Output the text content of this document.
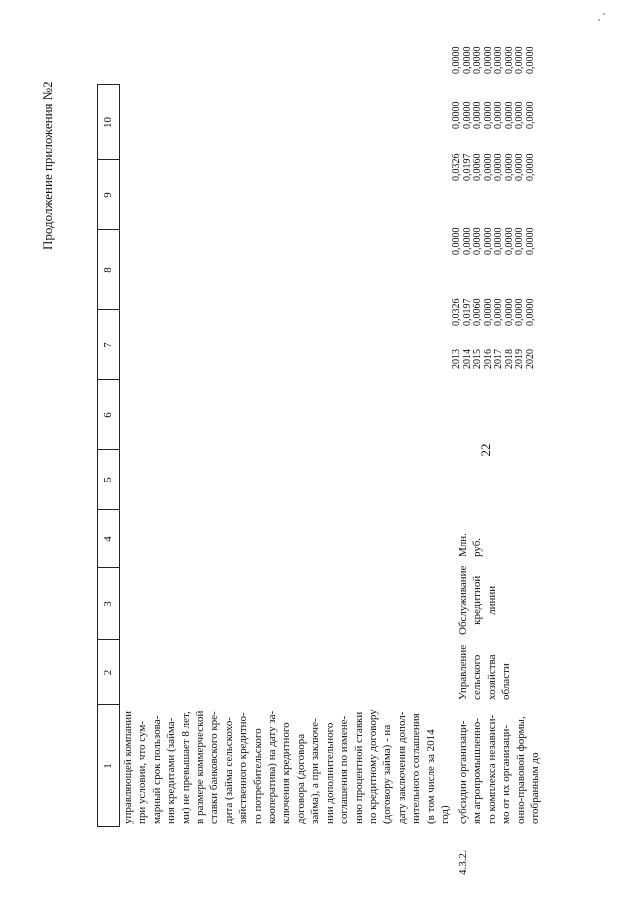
22
Продолжение приложения №2
1
2
3
4
5
6
7
8
9
10
управляющей компании при условии, что сум- марный срок пользова- ния кредитами (займа- ми) не превышает 8 лет, в размере коммерческой ставки банковского кре- дита (займа сельскохо- зяйственного кредитно- го потребительского кооператива) на дату за- ключения кредитного договора (договора займа), а при заключе- нии дополнительного соглашения по измене- нию процентной ставки по кредитному договору (договору займа) - на дату заключения допол- нительного соглашения (в том числе за 2014 год)
4.3.2.
субсидии организаци- ям агропромышленно- го комплекса независи- мо от их организаци- онно-правовой формы, отобранным до
Управление сельского хозяйства области
Обслуживание кредитной линии
Млн. руб.
2013 2014 2015 2016 2017 2018 2019 2020
0,0326 0,0197 0,0060 0,0000 0,0000 0,0000 0,0000 0,0000
0,0000 0,0000 0,0000 0,0000 0,0000 0,0000 0,0000 0,0000
0,0326 0,0197 0,0060 0,0000 0,0000 0,0000 0,0000 0,0000
0,0000 0,0000 0,0000 0,0000 0,0000 0,0000 0,0000 0,0000
0,0000 0,0000 0,0000 0,0000 0,0000 0,0000 0,0000 0,0000
